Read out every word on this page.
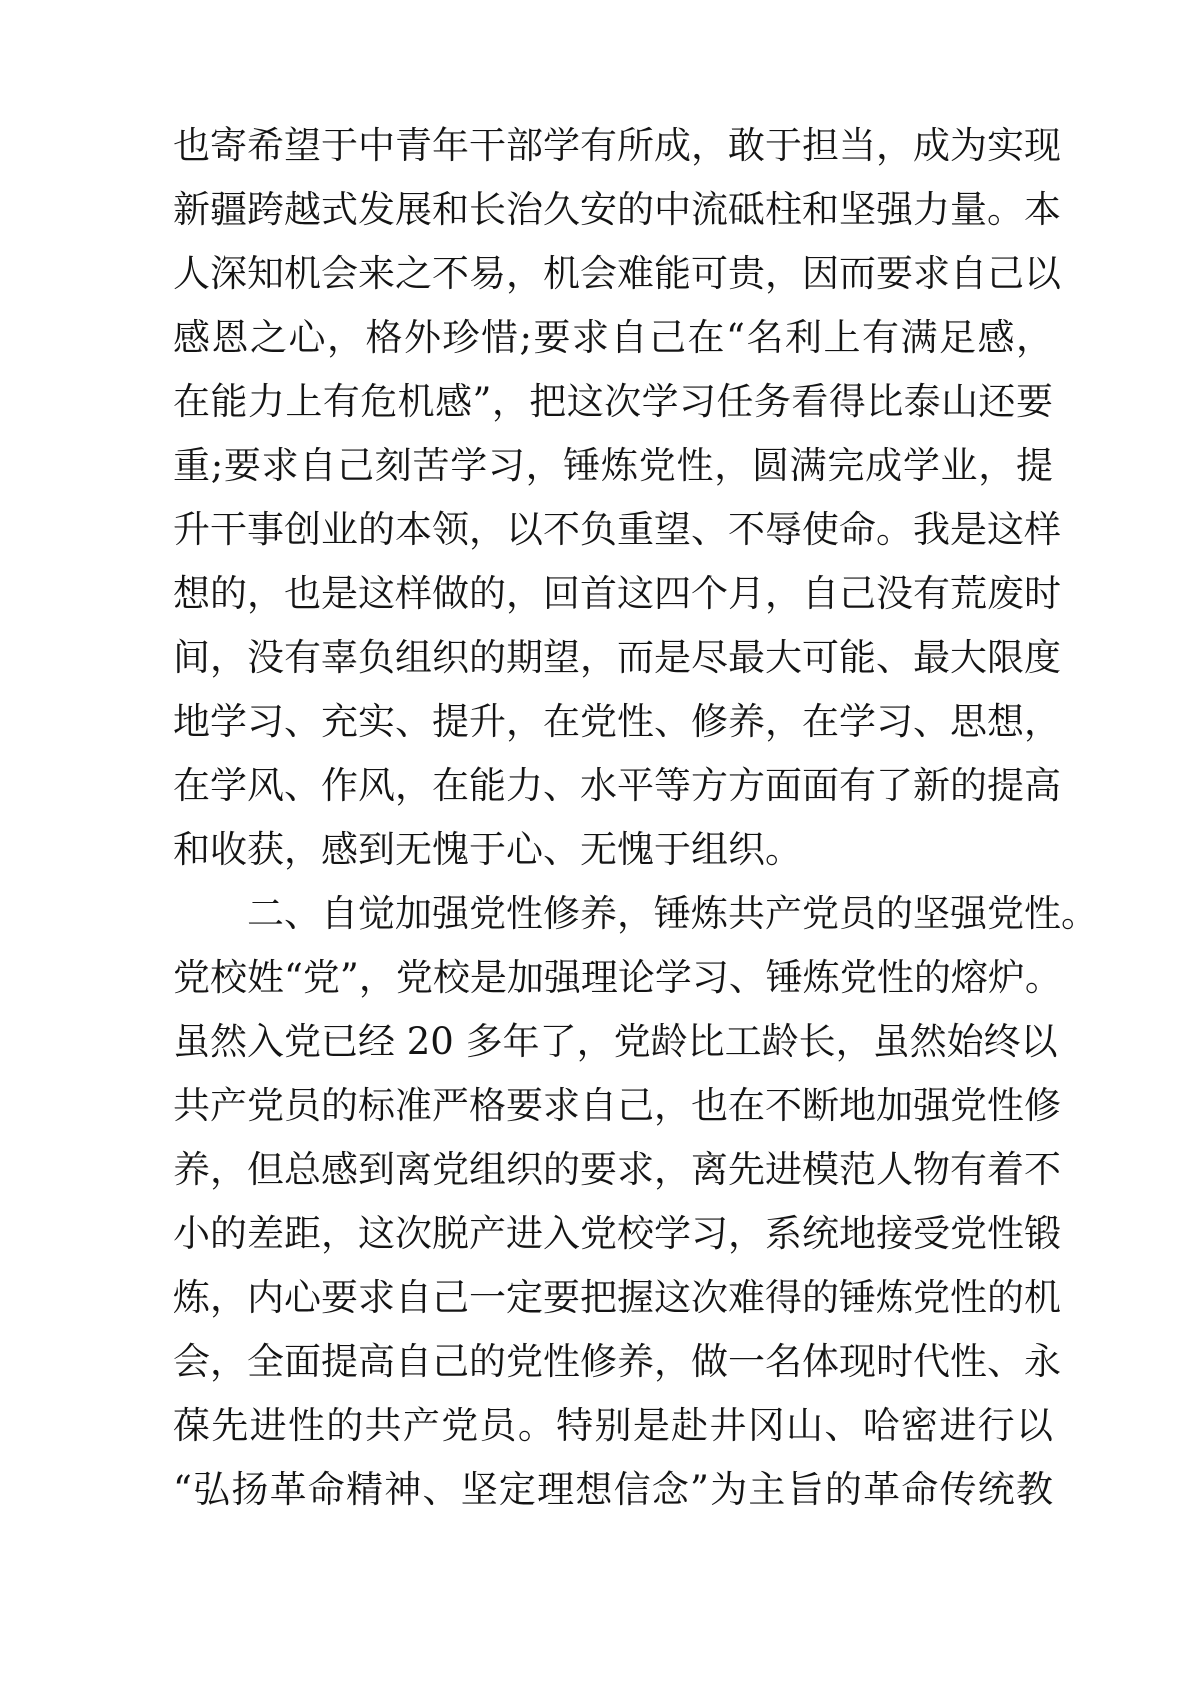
也寄希望于中青年干部学有所成，敢于担当，成为实现
新疆跨越式发展和长治久安的中流砥柱和坚强力量。本
人深知机会来之不易，机会难能可贵，因而要求自己以
感恩之心，格外珍惜;要求自己在“名利上有满足感，
在能力上有危机感”，把这次学习任务看得比泰山还要
重;要求自己刻苦学习，锤炼党性，圆满完成学业，提
升干事创业的本领，以不负重望、不辱使命。我是这样
想的，也是这样做的，回首这四个月，自己没有荒废时
间，没有辜负组织的期望，而是尽最大可能、最大限度
地学习、充实、提升，在党性、修养，在学习、思想，
在学风、作风，在能力、水平等方方面面有了新的提高
和收获，感到无愧于心、无愧于组织。
二、自觉加强党性修养，锤炼共产党员的坚强党性。
党校姓“党”，党校是加强理论学习、锤炼党性的熔炉。
虽然入党已经 20 多年了，党龄比工龄长，虽然始终以
共产党员的标准严格要求自己，也在不断地加强党性修
养，但总感到离党组织的要求，离先进模范人物有着不
小的差距，这次脱产进入党校学习，系统地接受党性锻
炼，内心要求自己一定要把握这次难得的锤炼党性的机
会，全面提高自己的党性修养，做一名体现时代性、永
葆先进性的共产党员。特别是赴井冈山、哈密进行以
“弘扬革命精神、坚定理想信念”为主旨的革命传统教
